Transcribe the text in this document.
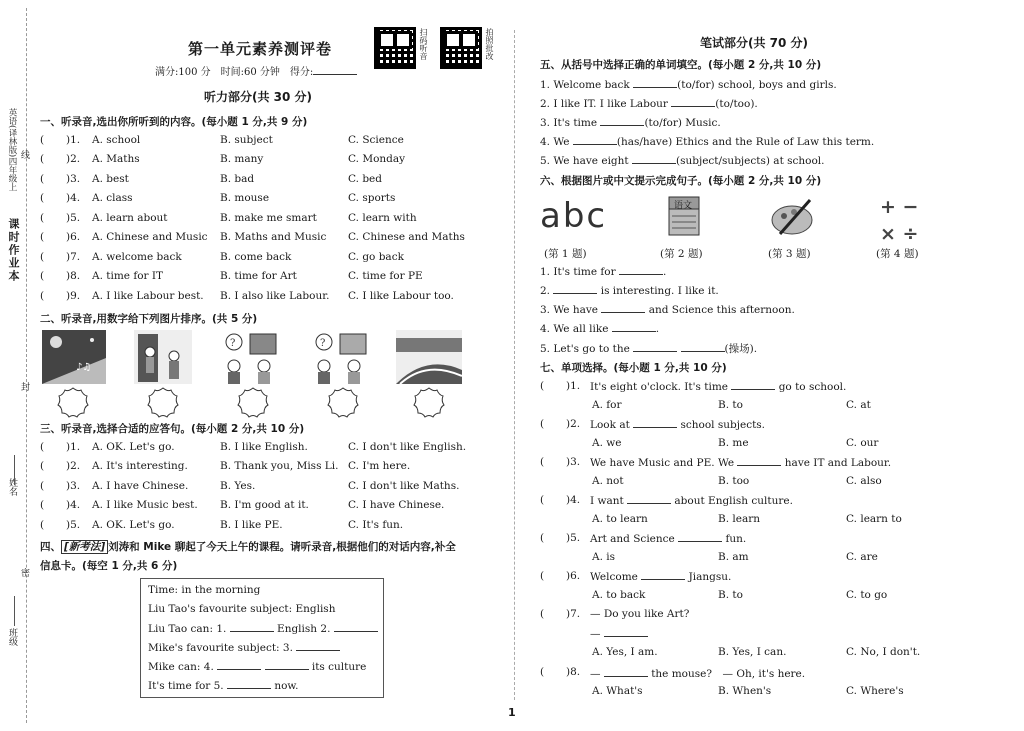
课时作业本
英语(译林版)四年级上 线
封
姓名
密
班级
第一单元素养测评卷
满分:100 分　时间:60 分钟　得分:
扫码听音	拍照批改
听力部分(共 30 分)
一、听录音,选出你所听到的内容。(每小题 1 分,共 9 分)
( )1. A. school	B. subject	C. Science
( )2. A. Maths	B. many	C. Monday
( )3. A. best	B. bad	C. bed
( )4. A. class	B. mouse	C. sports
( )5. A. learn about	B. make me smart	C. learn with
( )6. A. Chinese and Music B. Maths and Music C. Chinese and Maths
( )7. A. welcome back	B. come back	C. go back
( )8. A. time for IT	B. time for Art	C. time for PE
( )9. A. I like Labour best. B. I also like Labour. C. I like Labour too.
二、听录音,用数字给下列图片排序。(共 5 分)
♪♫
?	?
三、听录音,选择合适的应答句。(每小题 2 分,共 10 分)
( )1. A. OK. Let's go.	B. I like English.	C. I don't like English.
( )2. A. It's interesting.	B. Thank you, Miss Li. C. I'm here.
( )3. A. I have Chinese.	B. Yes.	C. I don't like Maths.
( )4. A. I like Music best. B. I'm good at it.	C. I have Chinese.
( )5. A. OK. Let's go.	B. I like PE.	C. It's fun.
四、 [新考法] 刘涛和 Mike 聊起了今天上午的课程。请听录音,根据他们的对话内容,补全
信息卡。(每空 1 分,共 6 分)
Time: in the morning
Liu Tao's favourite subject: English
Liu Tao can: 1.	English 2.
Mike's favourite subject: 3.
Mike can: 4.	its culture
It's time for 5.	now.
笔试部分(共 70 分)
五、从括号中选择正确的单词填空。(每小题 2 分,共 10 分)
1. Welcome back	(to/for) school, boys and girls.
2. I like IT. I like Labour	(to/too).
3. It's time	(to/for) Music.
4. We	(has/have) Ethics and the Rule of Law this term.
5. We have eight	(subject/subjects) at school.
六、根据图片或中文提示完成句子。(每小题 2 分,共 10 分)
abc	语文	+ −
× ÷
(第 1 题)	(第 2 题)	(第 3 题)	(第 4 题)
1. It's time for	.
2.	is interesting. I like it.
3. We have	and Science this afternoon.
4. We all like	.
5. Let's go to the	(操场).
七、单项选择。(每小题 1 分,共 10 分)
( )1. It's eight o'clock. It's time	go to school.
A. for	B. to	C. at
( )2. Look at	school subjects.
A. we	B. me	C. our
( )3. We have Music and PE. We	have IT and Labour.
A. not	B. too	C. also
( )4. I want	about English culture.
A. to learn	B. learn	C. learn to
( )5. Art and Science	fun.
A. is	B. am	C. are
( )6. Welcome	Jiangsu.
A. to back	B. to	C. to go
( )7. — Do you like Art?
—
A. Yes, I am.	B. Yes, I can.	C. No, I don't.
( )8. —	the mouse?　— Oh, it's here.
A. What's	B. When's	C. Where's
1
